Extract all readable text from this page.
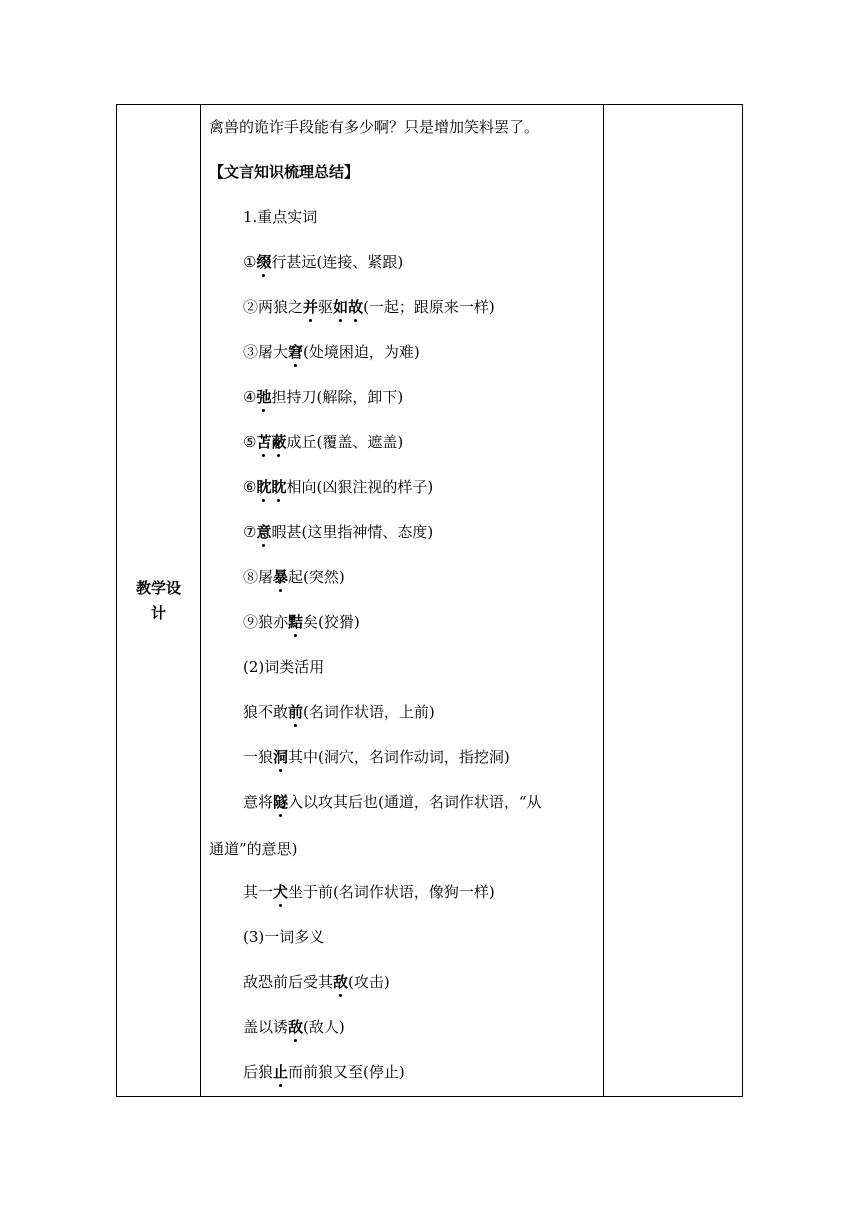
教学设计
禽兽的诡诈手段能有多少啊？只是增加笑料罢了。
【文言知识梳理总结】
1.重点实词
①缀行甚远(连接、紧跟)
②两狼之并驱如故(一起；跟原来一样)
③屠大窘(处境困迫，为难)
④弛担持刀(解除，卸下)
⑤苫蔽成丘(覆盖、遮盖)
⑥眈眈相向(凶狠注视的样子)
⑦意暇甚(这里指神情、态度)
⑧屠暴起(突然)
⑨狼亦黠矣(狡猾)
(2)词类活用
狼不敢前(名词作状语，上前)
一狼洞其中(洞穴，名词作动词，指挖洞)
意将隧入以攻其后也(通道，名词作状语，“从
通道”的意思)
其一犬坐于前(名词作状语，像狗一样)
(3)一词多义
敌恐前后受其敌(攻击)
盖以诱敌(敌人)
后狼止而前狼又至(停止)
